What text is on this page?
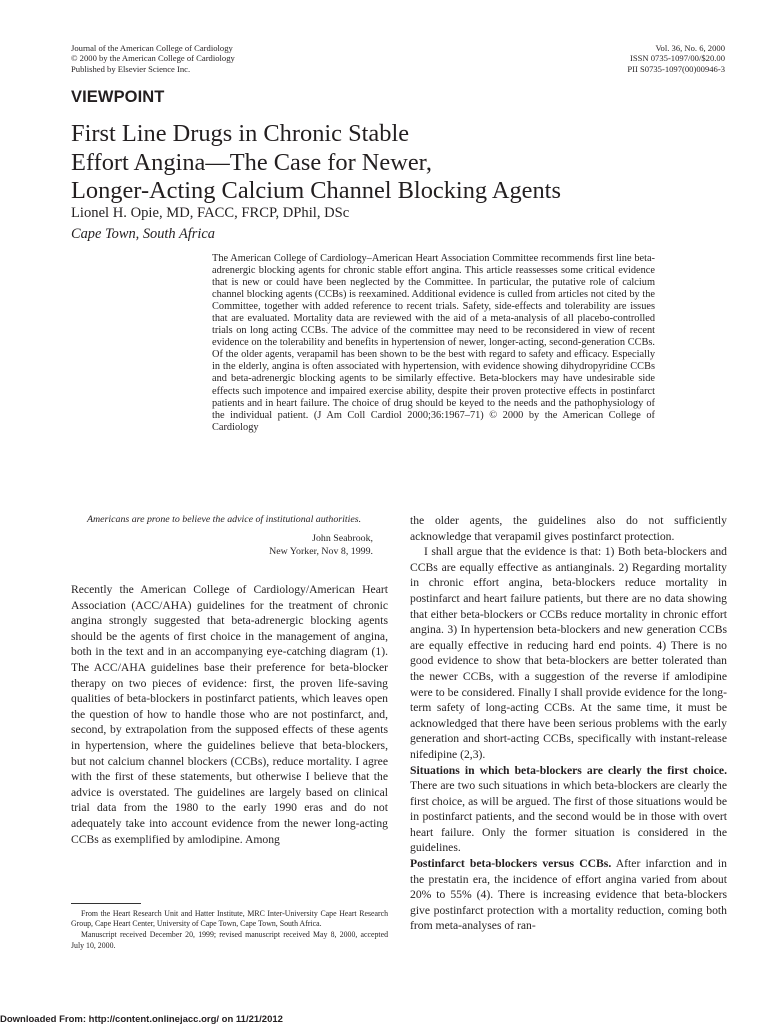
Journal of the American College of Cardiology
© 2000 by the American College of Cardiology
Published by Elsevier Science Inc.
Vol. 36, No. 6, 2000
ISSN 0735-1097/00/$20.00
PII S0735-1097(00)00946-3
VIEWPOINT
First Line Drugs in Chronic Stable
Effort Angina—The Case for Newer,
Longer-Acting Calcium Channel Blocking Agents
Lionel H. Opie, MD, FACC, FRCP, DPhil, DSc
Cape Town, South Africa
The American College of Cardiology–American Heart Association Committee recommends first line beta-adrenergic blocking agents for chronic stable effort angina. This article reassesses some critical evidence that is new or could have been neglected by the Committee. In particular, the putative role of calcium channel blocking agents (CCBs) is reexamined. Additional evidence is culled from articles not cited by the Committee, together with added reference to recent trials. Safety, side-effects and tolerability are issues that are evaluated. Mortality data are reviewed with the aid of a meta-analysis of all placebo-controlled trials on long acting CCBs. The advice of the committee may need to be reconsidered in view of recent evidence on the tolerability and benefits in hypertension of newer, longer-acting, second-generation CCBs. Of the older agents, verapamil has been shown to be the best with regard to safety and efficacy. Especially in the elderly, angina is often associated with hypertension, with evidence showing dihydropyridine CCBs and beta-adrenergic blocking agents to be similarly effective. Beta-blockers may have undesirable side effects such impotence and impaired exercise ability, despite their proven protective effects in postinfarct patients and in heart failure. The choice of drug should be keyed to the needs and the pathophysiology of the individual patient. (J Am Coll Cardiol 2000;36:1967–71) © 2000 by the American College of Cardiology
Americans are prone to believe the advice of institutional authorities.
John Seabrook,
New Yorker, Nov 8, 1999.

Recently the American College of Cardiology/American Heart Association (ACC/AHA) guidelines for the treatment of chronic angina strongly suggested that beta-adrenergic blocking agents should be the agents of first choice in the management of angina, both in the text and in an accompanying eye-catching diagram (1). The ACC/AHA guidelines base their preference for beta-blocker therapy on two pieces of evidence: first, the proven life-saving qualities of beta-blockers in postinfarct patients, which leaves open the question of how to handle those who are not postinfarct, and, second, by extrapolation from the supposed effects of these agents in hypertension, where the guidelines believe that beta-blockers, but not calcium channel blockers (CCBs), reduce mortality. I agree with the first of these statements, but otherwise I believe that the advice is overstated. The guidelines are largely based on clinical trial data from the 1980 to the early 1990 eras and do not adequately take into account evidence from the newer long-acting CCBs as exemplified by amlodipine. Among

From the Heart Research Unit and Hatter Institute, MRC Inter-University Cape Heart Research Group, Cape Heart Center, University of Cape Town, Cape Town, South Africa.

Manuscript received December 20, 1999; revised manuscript received May 8, 2000, accepted July 10, 2000.

the older agents, the guidelines also do not sufficiently acknowledge that verapamil gives postinfarct protection.

I shall argue that the evidence is that: 1) Both beta-blockers and CCBs are equally effective as antianginals. 2) Regarding mortality in chronic effort angina, beta-blockers reduce mortality in postinfarct and heart failure patients, but there are no data showing that either beta-blockers or CCBs reduce mortality in chronic effort angina. 3) In hypertension beta-blockers and new generation CCBs are equally effective in reducing hard end points. 4) There is no good evidence to show that beta-blockers are better tolerated than the newer CCBs, with a suggestion of the reverse if amlodipine were to be considered. Finally I shall provide evidence for the long-term safety of long-acting CCBs. At the same time, it must be acknowledged that there have been serious problems with the early generation and short-acting CCBs, specifically with instant-release nifedipine (2,3).

Situations in which beta-blockers are clearly the first choice. There are two such situations in which beta-blockers are clearly the first choice, as will be argued. The first of those situations would be in postinfarct patients, and the second would be in those with overt heart failure. Only the former situation is considered in the guidelines.

Postinfarct beta-blockers versus CCBs. After infarction and in the prestatin era, the incidence of effort angina varied from about 20% to 55% (4). There is increasing evidence that beta-blockers give postinfarct protection with a mortality reduction, coming both from meta-analyses of ran-

Downloaded From: http://content.onlinejacc.org/ on 11/21/2012
